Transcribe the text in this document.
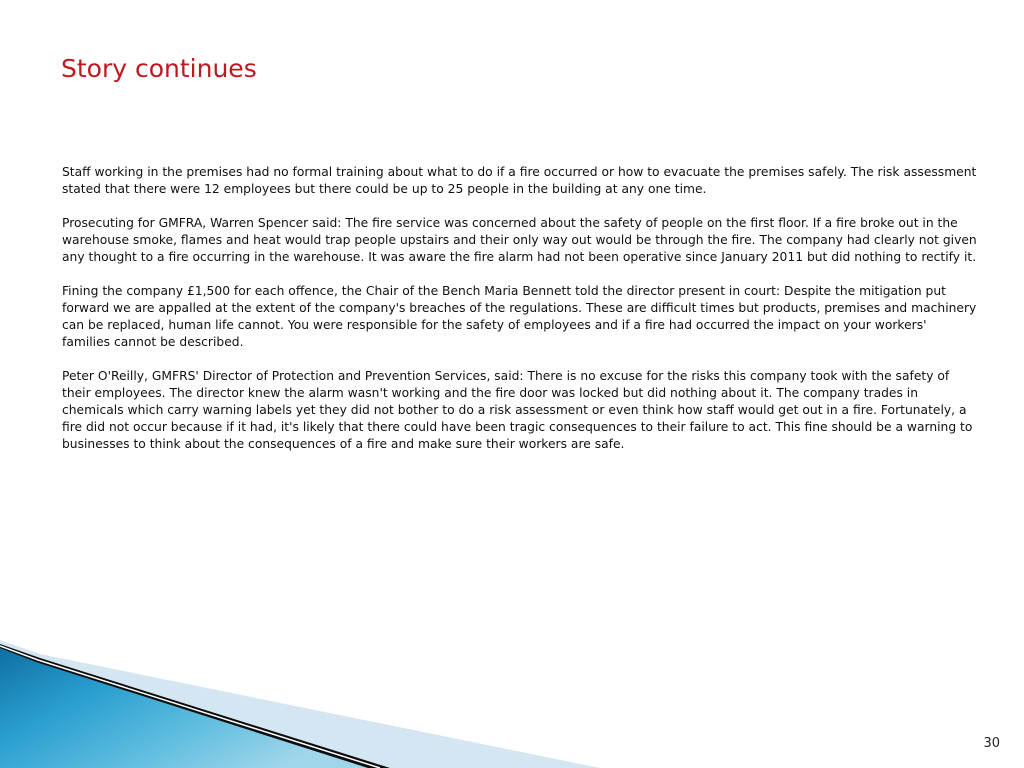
Story continues

Staff working in the premises had no formal training about what to do if a fire occurred or how to evacuate the premises safely. The risk assessment stated that there were 12 employees but there could be up to 25 people in the building at any one time.

Prosecuting for GMFRA, Warren Spencer said: The fire service was concerned about the safety of people on the first floor. If a fire broke out in the warehouse smoke, flames and heat would trap people upstairs and their only way out would be through the fire. The company had clearly not given any thought to a fire occurring in the warehouse. It was aware the fire alarm had not been operative since January 2011 but did nothing to rectify it.

Fining the company £1,500 for each offence, the Chair of the Bench Maria Bennett told the director present in court: Despite the mitigation put forward we are appalled at the extent of the company's breaches of the regulations. These are difficult times but products, premises and machinery can be replaced, human life cannot. You were responsible for the safety of employees and if a fire had occurred the impact on your workers' families cannot be described.

Peter O'Reilly, GMFRS' Director of Protection and Prevention Services, said: There is no excuse for the risks this company took with the safety of their employees. The director knew the alarm wasn't working and the fire door was locked but did nothing about it. The company trades in chemicals which carry warning labels yet they did not bother to do a risk assessment or even think how staff would get out in a fire. Fortunately, a fire did not occur because if it had, it's likely that there could have been tragic consequences to their failure to act. This fine should be a warning to businesses to think about the consequences of a fire and make sure their workers are safe.

30
